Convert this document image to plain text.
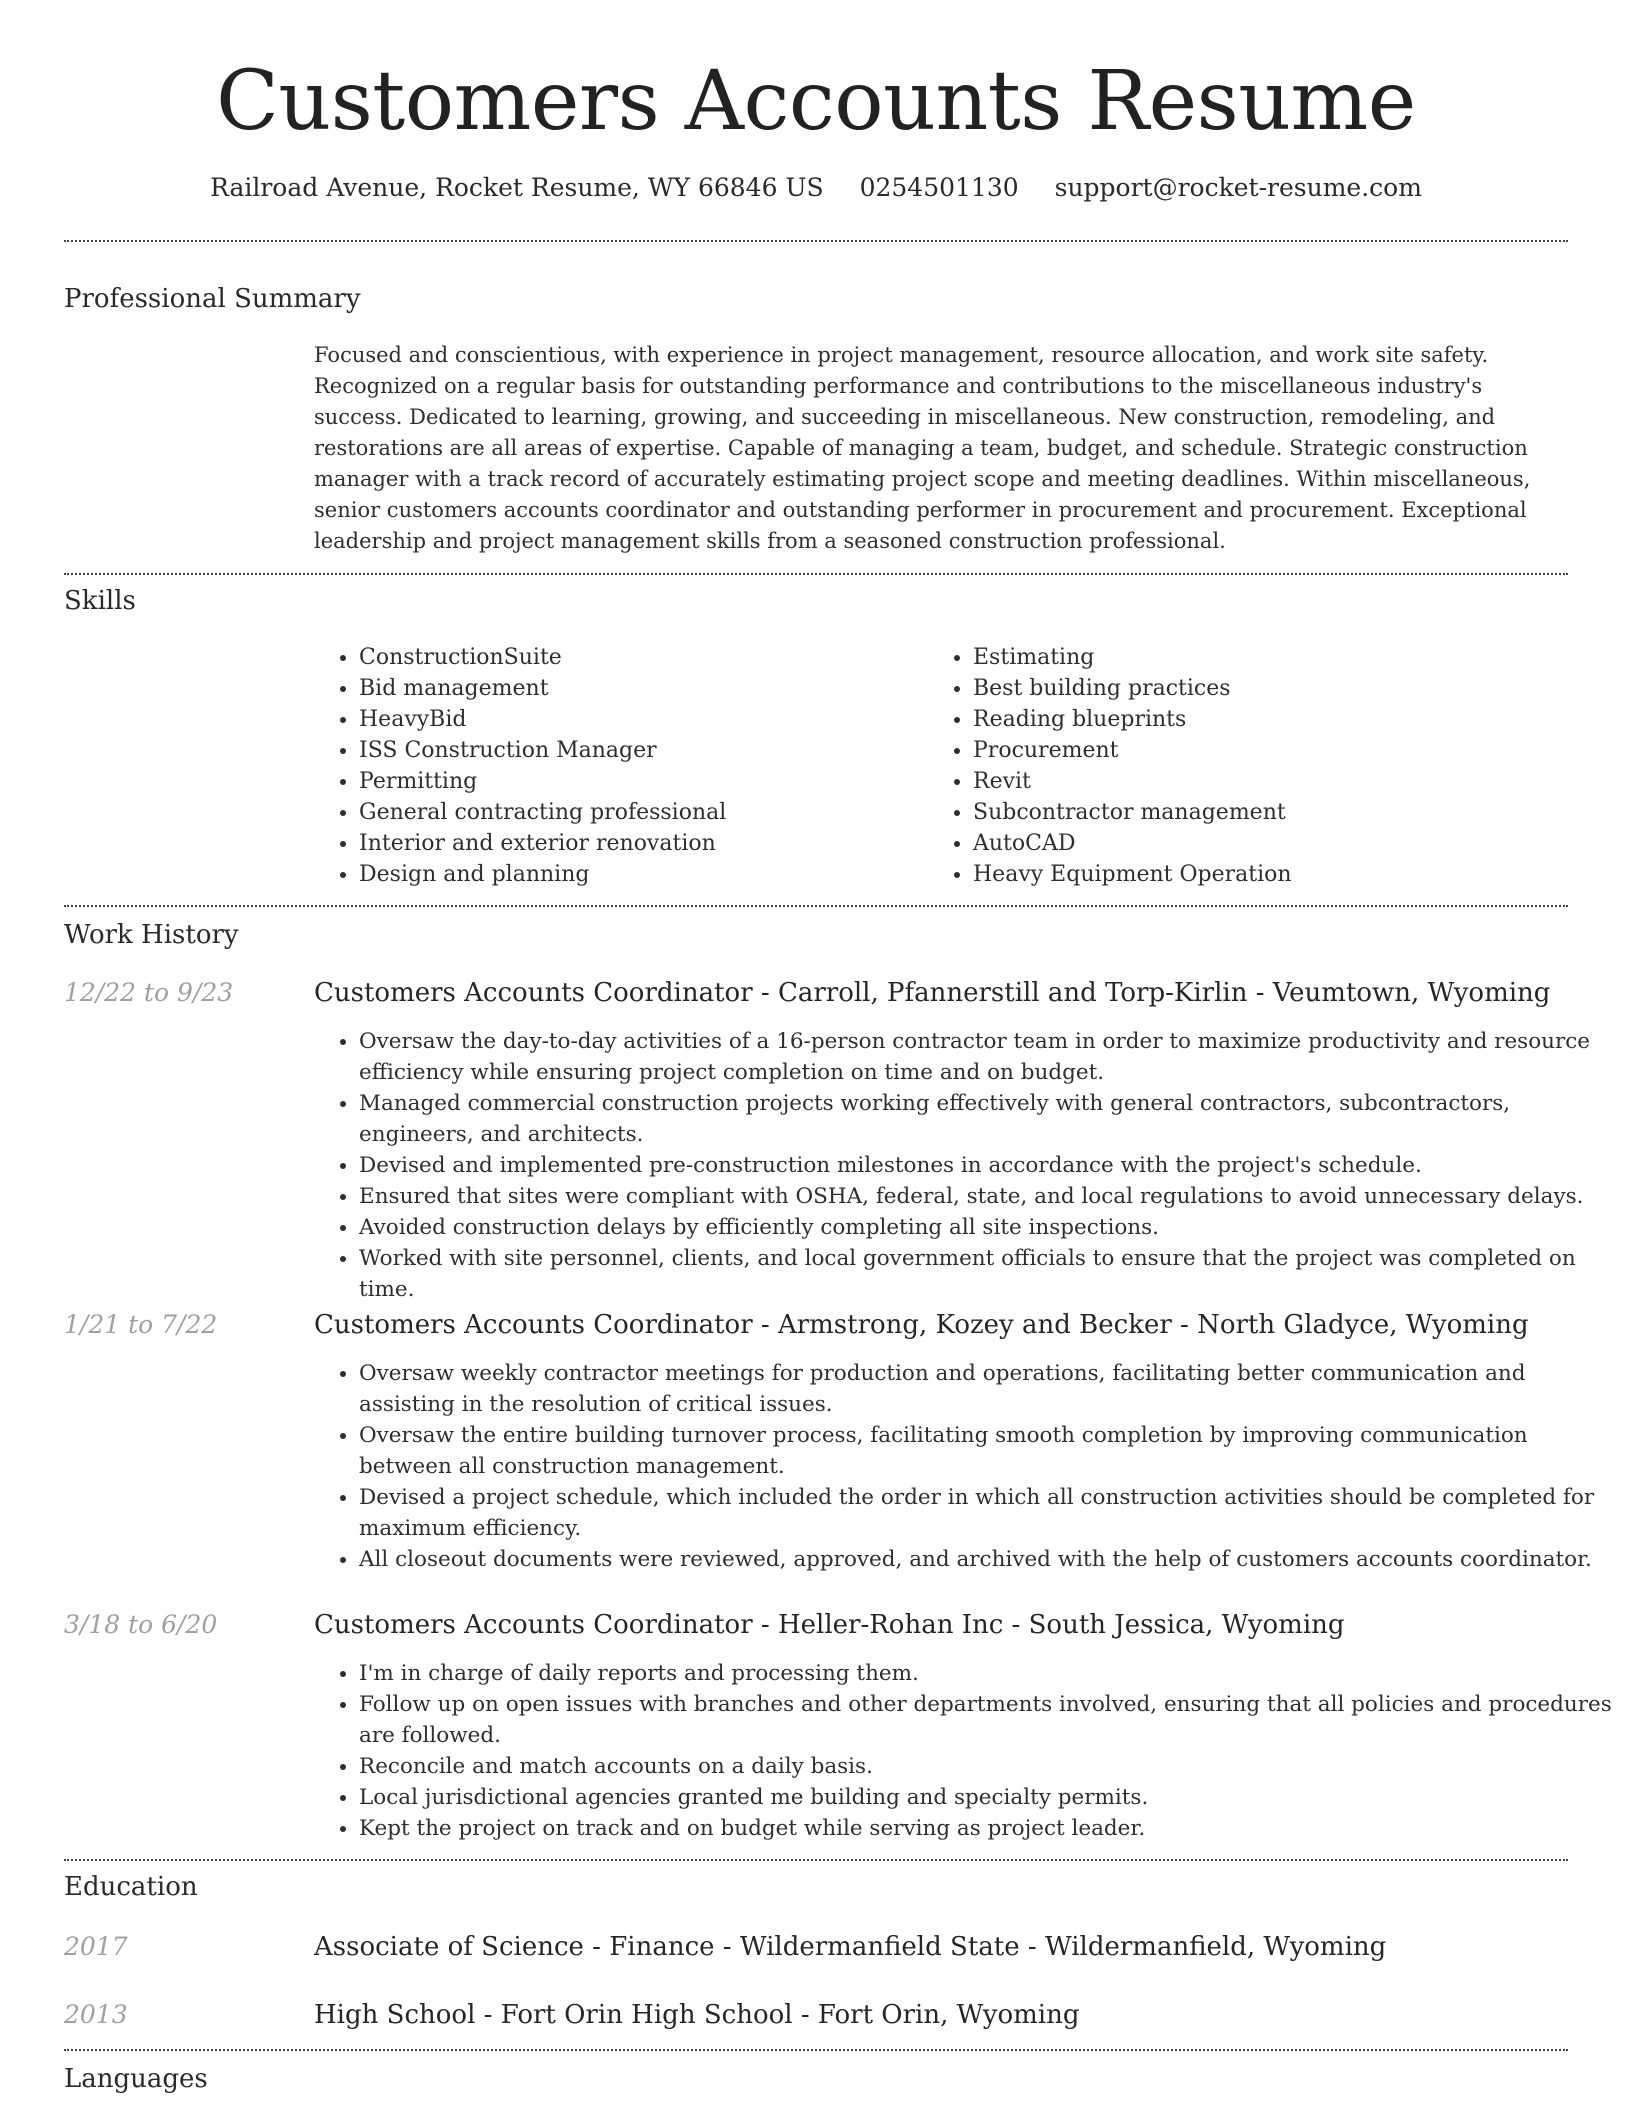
Customers Accounts Resume
Railroad Avenue, Rocket Resume, WY 66846 US 0254501130 support@rocket-resume.com
Professional Summary

Focused and conscientious, with experience in project management, resource allocation, and work site safety. Recognized on a regular basis for outstanding performance and contributions to the miscellaneous industry's success. Dedicated to learning, growing, and succeeding in miscellaneous. New construction, remodeling, and restorations are all areas of expertise. Capable of managing a team, budget, and schedule. Strategic construction manager with a track record of accurately estimating project scope and meeting deadlines. Within miscellaneous, senior customers accounts coordinator and outstanding performer in procurement and procurement. Exceptional leadership and project management skills from a seasoned construction professional.

Skills
• ConstructionSuite
• Bid management
• HeavyBid
• ISS Construction Manager
• Permitting
• General contracting professional
• Interior and exterior renovation
• Design and planning
• Estimating
• Best building practices
• Reading blueprints
• Procurement
• Revit
• Subcontractor management
• AutoCAD
• Heavy Equipment Operation
Work History
12/22 to 9/23	Customers Accounts Coordinator - Carroll, Pfannerstill and Torp-Kirlin - Veumtown, Wyoming
• Oversaw the day-to-day activities of a 16-person contractor team in order to maximize productivity and resource efficiency while ensuring project completion on time and on budget.
• Managed commercial construction projects working effectively with general contractors, subcontractors, engineers, and architects.
• Devised and implemented pre-construction milestones in accordance with the project's schedule.
• Ensured that sites were compliant with OSHA, federal, state, and local regulations to avoid unnecessary delays.
• Avoided construction delays by efficiently completing all site inspections.
• Worked with site personnel, clients, and local government officials to ensure that the project was completed on time.
1/21 to 7/22	Customers Accounts Coordinator - Armstrong, Kozey and Becker - North Gladyce, Wyoming
• Oversaw weekly contractor meetings for production and operations, facilitating better communication and assisting in the resolution of critical issues.
• Oversaw the entire building turnover process, facilitating smooth completion by improving communication between all construction management.
• Devised a project schedule, which included the order in which all construction activities should be completed for maximum efficiency.
• All closeout documents were reviewed, approved, and archived with the help of customers accounts coordinator.
3/18 to 6/20	Customers Accounts Coordinator - Heller-Rohan Inc - South Jessica, Wyoming
• I'm in charge of daily reports and processing them.
• Follow up on open issues with branches and other departments involved, ensuring that all policies and procedures are followed.
• Reconcile and match accounts on a daily basis.
• Local jurisdictional agencies granted me building and specialty permits.
• Kept the project on track and on budget while serving as project leader.
Education
2017	Associate of Science - Finance - Wildermanfield State - Wildermanfield, Wyoming
2013	High School - Fort Orin High School - Fort Orin, Wyoming
Languages
